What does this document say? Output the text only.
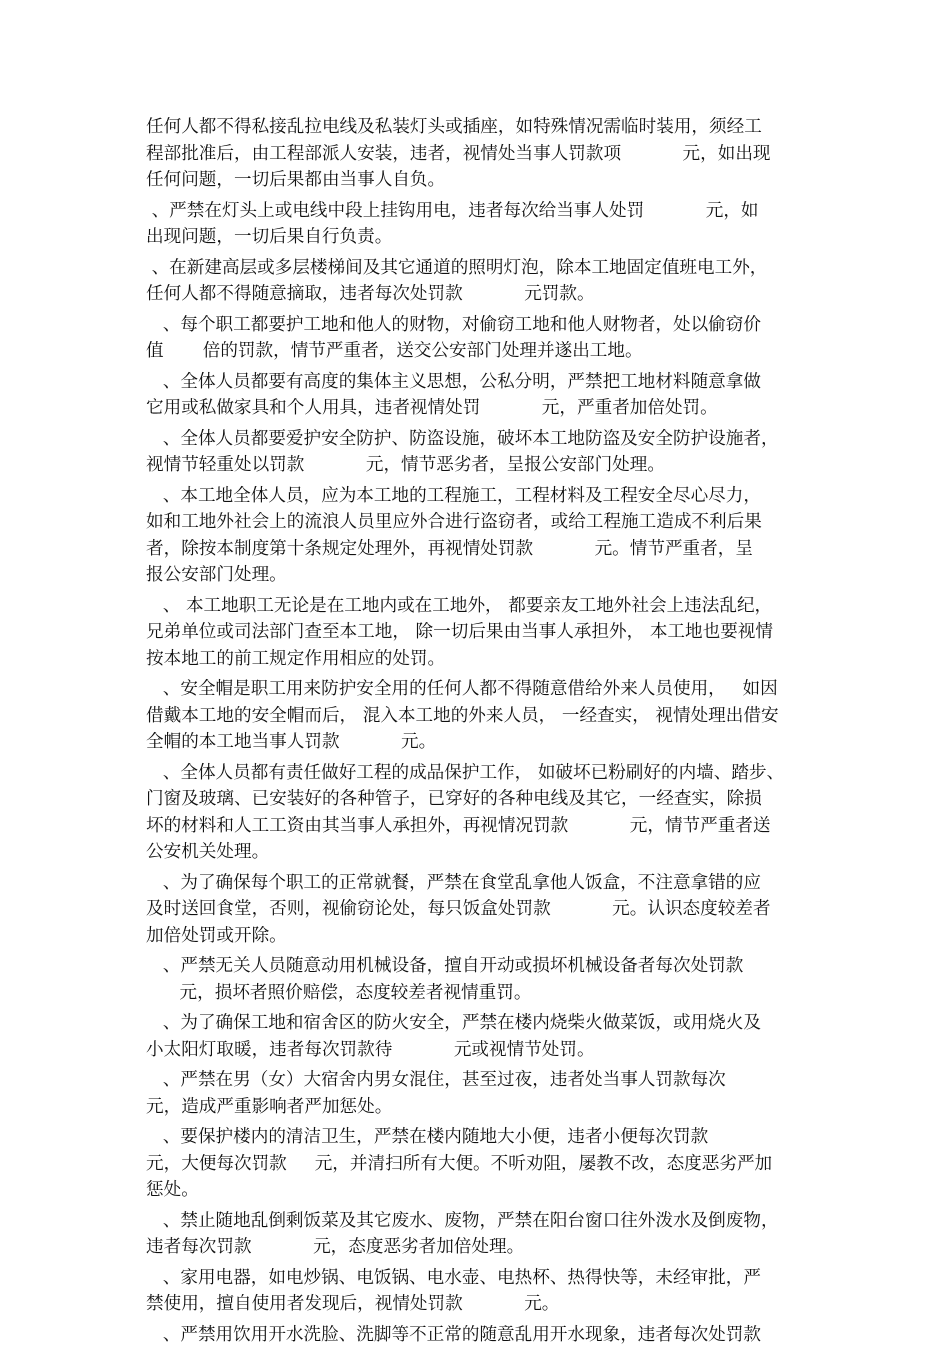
任何人都不得私接乱拉电线及私装灯头或插座，如特殊情况需临时装用，须经工
程部批准后，由工程部派人安装，违者，视情处当事人罚款项           元，如出现
任何问题，一切后果都由当事人自负。
、严禁在灯头上或电线中段上挂钩用电，违者每次给当事人处罚           元，如
出现问题，一切后果自行负责。
、在新建高层或多层楼梯间及其它通道的照明灯泡，除本工地固定值班电工外，
任何人都不得随意摘取，违者每次处罚款           元罚款。
、每个职工都要护工地和他人的财物，对偷窃工地和他人财物者，处以偷窃价
值       倍的罚款，情节严重者，送交公安部门处理并遂出工地。
、全体人员都要有高度的集体主义思想，公私分明，严禁把工地材料随意拿做
它用或私做家具和个人用具，违者视情处罚           元，严重者加倍处罚。
、全体人员都要爱护安全防护、防盗设施，破坏本工地防盗及安全防护设施者，
视情节轻重处以罚款           元，情节恶劣者，呈报公安部门处理。
、本工地全体人员，应为本工地的工程施工，工程材料及工程安全尽心尽力，
如和工地外社会上的流浪人员里应外合进行盗窃者，或给工程施工造成不利后果
者，除按本制度第十条规定处理外，再视情处罚款           元。情节严重者，呈
报公安部门处理。
、 本工地职工无论是在工地内或在工地外， 都要亲友工地外社会上违法乱纪，
兄弟单位或司法部门查至本工地， 除一切后果由当事人承担外， 本工地也要视情
按本地工的前工规定作用相应的处罚。
、安全帽是职工用来防护安全用的任何人都不得随意借给外来人员使用，   如因
借戴本工地的安全帽而后， 混入本工地的外来人员， 一经查实， 视情处理出借安
全帽的本工地当事人罚款           元。
、全体人员都有责任做好工程的成品保护工作， 如破坏已粉刷好的内墙、踏步、
门窗及玻璃、已安装好的各种管子，已穿好的各种电线及其它，一经查实，除损
坏的材料和人工工资由其当事人承担外，再视情况罚款           元，情节严重者送
公安机关处理。
、为了确保每个职工的正常就餐，严禁在食堂乱拿他人饭盒，不注意拿错的应
及时送回食堂，否则，视偷窃论处，每只饭盒处罚款           元。认识态度较差者
加倍处罚或开除。
、严禁无关人员随意动用机械设备，擅自开动或损坏机械设备者每次处罚款
元，损坏者照价赔偿，态度较差者视情重罚。
、为了确保工地和宿舍区的防火安全，严禁在楼内烧柴火做菜饭，或用烧火及
小太阳灯取暖，违者每次罚款待           元或视情节处罚。
、严禁在男（女）大宿舍内男女混住，甚至过夜，违者处当事人罚款每次
元，造成严重影响者严加惩处。
、要保护楼内的清洁卫生，严禁在楼内随地大小便，违者小便每次罚款
元，大便每次罚款     元，并清扫所有大便。不听劝阻，屡教不改，态度恶劣严加
惩处。
、禁止随地乱倒剩饭菜及其它废水、废物，严禁在阳台窗口往外泼水及倒废物，
违者每次罚款           元，态度恶劣者加倍处理。
、家用电器，如电炒锅、电饭锅、电水壶、电热杯、热得快等，未经审批，严
禁使用，擅自使用者发现后，视情处罚款           元。
、严禁用饮用开水洗脸、洗脚等不正常的随意乱用开水现象，违者每次处罚款
